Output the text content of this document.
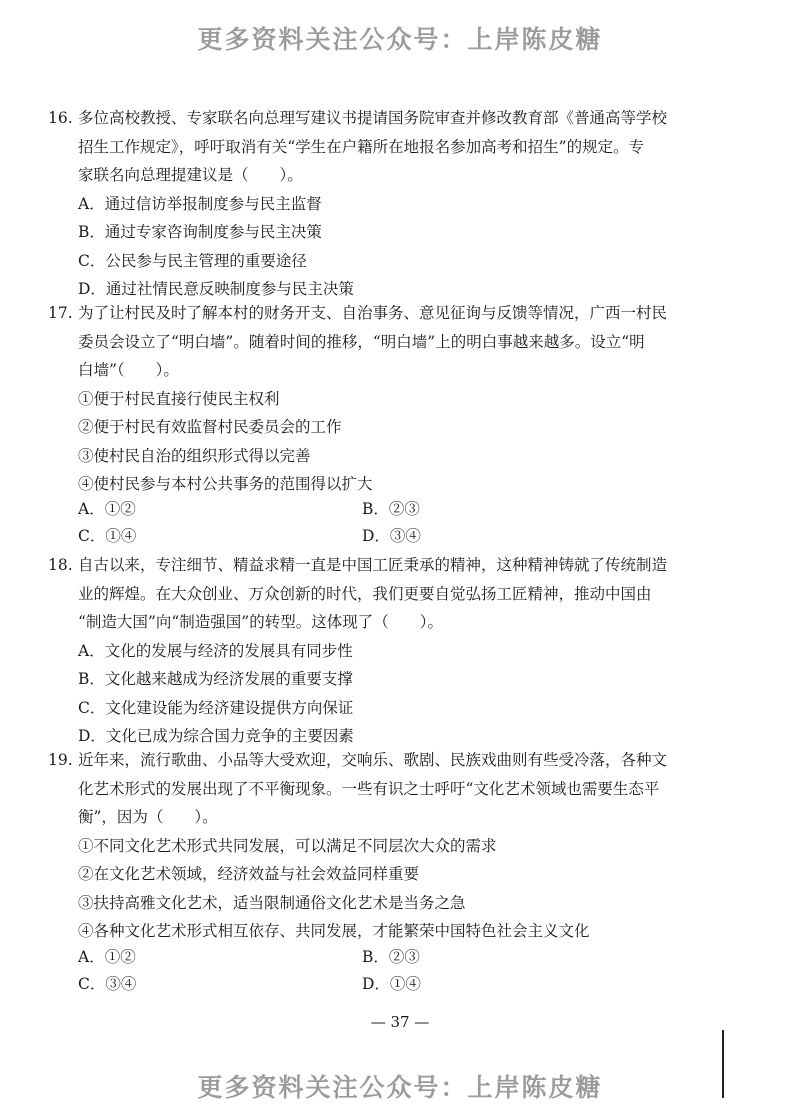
更多资料关注公众号：上岸陈皮糖
16. 多位高校教授、专家联名向总理写建议书提请国务院审查并修改教育部《普通高等学校
招生工作规定》，呼吁取消有关“学生在户籍所在地报名参加高考和招生”的规定。专
家联名向总理提建议是（　　）。
A．通过信访举报制度参与民主监督
B．通过专家咨询制度参与民主决策
C．公民参与民主管理的重要途径
D．通过社情民意反映制度参与民主决策
17. 为了让村民及时了解本村的财务开支、自治事务、意见征询与反馈等情况，广西一村民
委员会设立了“明白墙”。随着时间的推移，“明白墙”上的明白事越来越多。设立“明
白墙”（　　）。
①便于村民直接行使民主权利
②便于村民有效监督村民委员会的工作
③使村民自治的组织形式得以完善
④使村民参与本村公共事务的范围得以扩大
A．①②	B．②③
C．①④	D．③④
18. 自古以来，专注细节、精益求精一直是中国工匠秉承的精神，这种精神铸就了传统制造
业的辉煌。在大众创业、万众创新的时代，我们更要自觉弘扬工匠精神，推动中国由
“制造大国”向“制造强国”的转型。这体现了（　　）。
A．文化的发展与经济的发展具有同步性
B．文化越来越成为经济发展的重要支撑
C．文化建设能为经济建设提供方向保证
D．文化已成为综合国力竞争的主要因素
19. 近年来，流行歌曲、小品等大受欢迎，交响乐、歌剧、民族戏曲则有些受冷落，各种文
化艺术形式的发展出现了不平衡现象。一些有识之士呼吁“文化艺术领域也需要生态平
衡”，因为（　　）。
①不同文化艺术形式共同发展，可以满足不同层次大众的需求
②在文化艺术领域，经济效益与社会效益同样重要
③扶持高雅文化艺术，适当限制通俗文化艺术是当务之急
④各种文化艺术形式相互依存、共同发展，才能繁荣中国特色社会主义文化
A．①②	B．②③
C．③④	D．①④
— 37 —
更多资料关注公众号：上岸陈皮糖
